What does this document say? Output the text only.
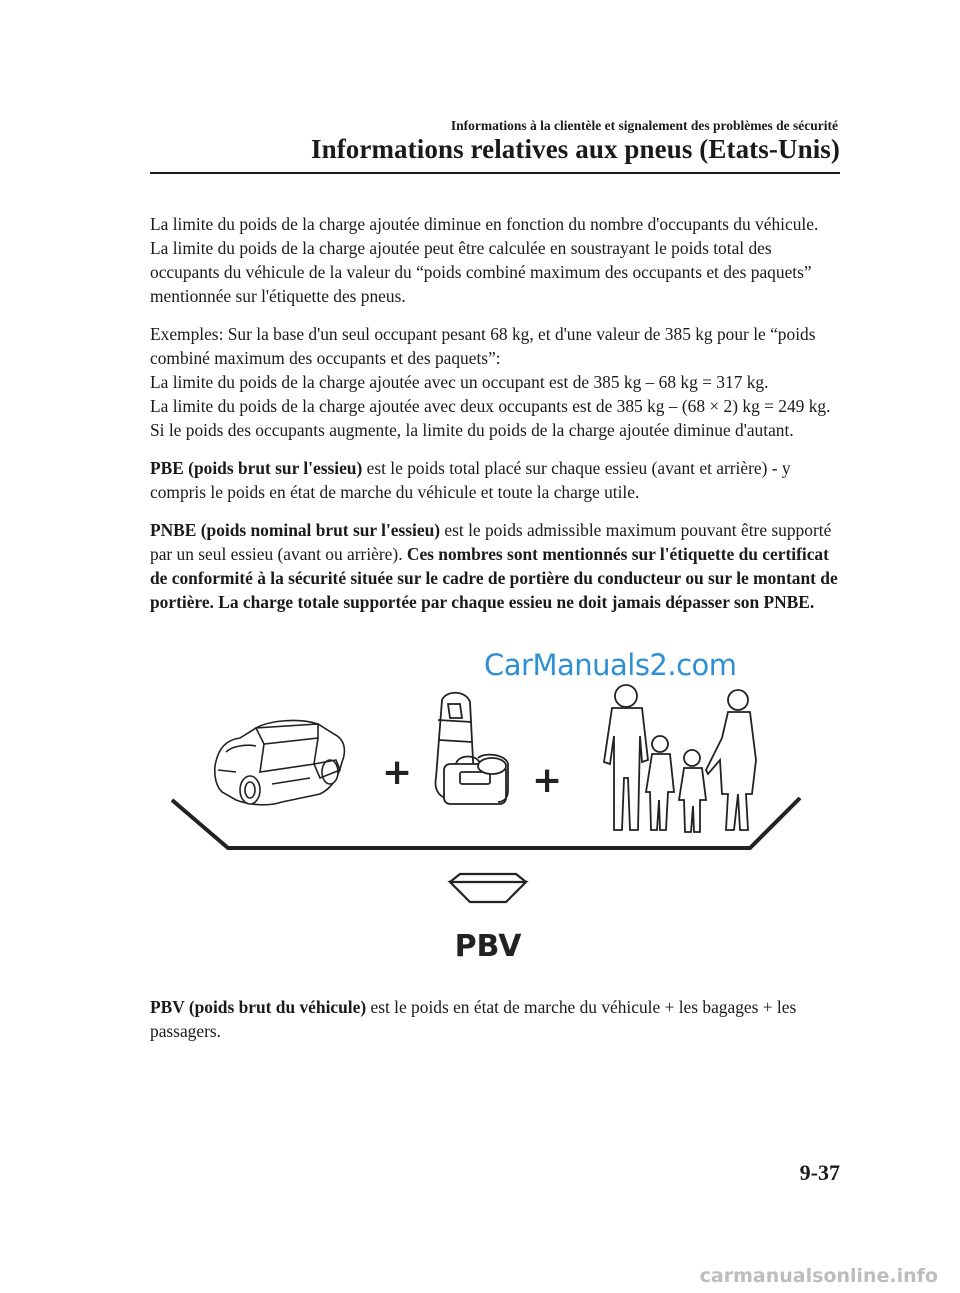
Informations à la clientèle et signalement des problèmes de sécurité
Informations relatives aux pneus (Etats-Unis)

La limite du poids de la charge ajoutée diminue en fonction du nombre d'occupants du véhicule. La limite du poids de la charge ajoutée peut être calculée en soustrayant le poids total des occupants du véhicule de la valeur du “poids combiné maximum des occupants et des paquets” mentionnée sur l'étiquette des pneus.

Exemples: Sur la base d'un seul occupant pesant 68 kg, et d'une valeur de 385 kg pour le “poids combiné maximum des occupants et des paquets”:
La limite du poids de la charge ajoutée avec un occupant est de 385 kg – 68 kg = 317 kg.
La limite du poids de la charge ajoutée avec deux occupants est de 385 kg – (68 × 2) kg = 249 kg.
Si le poids des occupants augmente, la limite du poids de la charge ajoutée diminue d'autant.

PBE (poids brut sur l'essieu) est le poids total placé sur chaque essieu (avant et arrière) - y compris le poids en état de marche du véhicule et toute la charge utile.

PNBE (poids nominal brut sur l'essieu) est le poids admissible maximum pouvant être supporté par un seul essieu (avant ou arrière). Ces nombres sont mentionnés sur l'étiquette du certificat de conformité à la sécurité située sur le cadre de portière du conducteur ou sur le montant de portière. La charge totale supportée par chaque essieu ne doit jamais dépasser son PNBE.

CarManuals2.com
+	+
PBV
PBV (poids brut du véhicule) est le poids en état de marche du véhicule + les bagages + les passagers.
9-37
carmanualsonline.info
